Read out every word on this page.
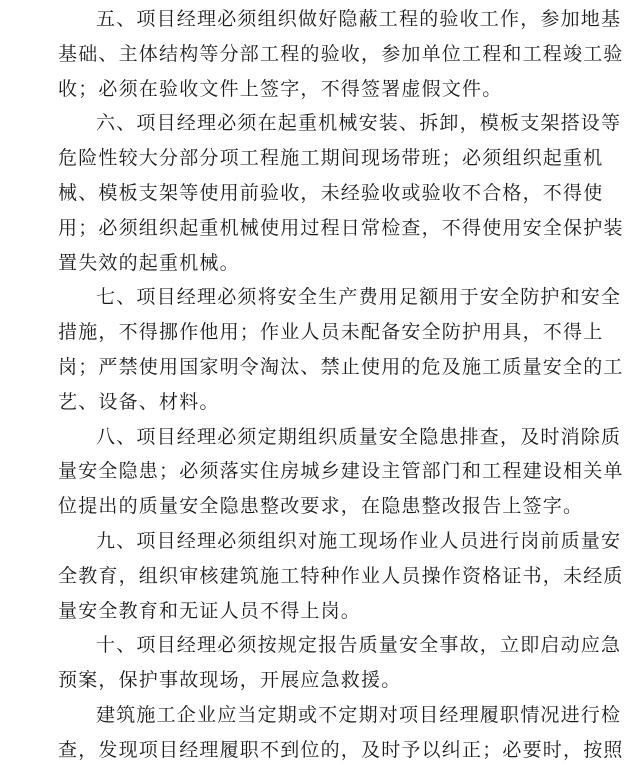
五、项目经理必须组织做好隐蔽工程的验收工作，参加地基
基础、主体结构等分部工程的验收，参加单位工程和工程竣工验
收；必须在验收文件上签字，不得签署虚假文件。
六、项目经理必须在起重机械安装、拆卸，模板支架搭设等
危险性较大分部分项工程施工期间现场带班；必须组织起重机
械、模板支架等使用前验收，未经验收或验收不合格，不得使
用；必须组织起重机械使用过程日常检查，不得使用安全保护装
置失效的起重机械。
七、项目经理必须将安全生产费用足额用于安全防护和安全
措施，不得挪作他用；作业人员未配备安全防护用具，不得上
岗；严禁使用国家明令淘汰、禁止使用的危及施工质量安全的工
艺、设备、材料。
八、项目经理必须定期组织质量安全隐患排查，及时消除质
量安全隐患；必须落实住房城乡建设主管部门和工程建设相关单
位提出的质量安全隐患整改要求，在隐患整改报告上签字。
九、项目经理必须组织对施工现场作业人员进行岗前质量安
全教育，组织审核建筑施工特种作业人员操作资格证书，未经质
量安全教育和无证人员不得上岗。
十、项目经理必须按规定报告质量安全事故，立即启动应急
预案，保护事故现场，开展应急救援。
建筑施工企业应当定期或不定期对项目经理履职情况进行检
查，发现项目经理履职不到位的，及时予以纠正；必要时，按照
